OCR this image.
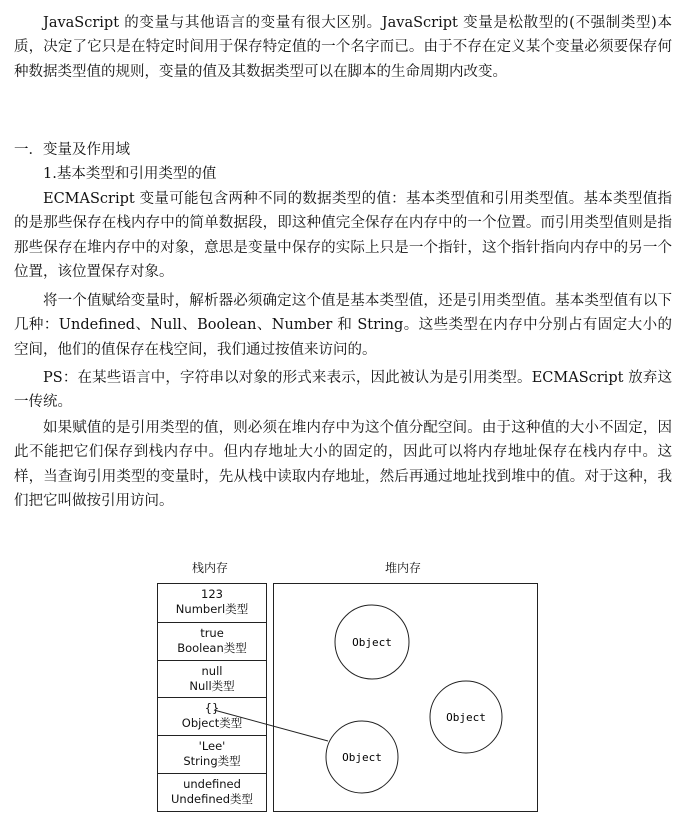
JavaScript 的变量与其他语言的变量有很大区别。JavaScript 变量是松散型的(不强制类型)本质，决定了它只是在特定时间用于保存特定值的一个名字而已。由于不存在定义某个变量必须要保存何种数据类型值的规则，变量的值及其数据类型可以在脚本的生命周期内改变。

一．变量及作用域

1.基本类型和引用类型的值

ECMAScript 变量可能包含两种不同的数据类型的值：基本类型值和引用类型值。基本类型值指的是那些保存在栈内存中的简单数据段，即这种值完全保存在内存中的一个位置。而引用类型值则是指那些保存在堆内存中的对象，意思是变量中保存的实际上只是一个指针，这个指针指向内存中的另一个位置，该位置保存对象。

将一个值赋给变量时，解析器必须确定这个值是基本类型值，还是引用类型值。基本类型值有以下几种：Undefined、Null、Boolean、Number 和 String。这些类型在内存中分别占有固定大小的空间，他们的值保存在栈空间，我们通过按值来访问的。

PS：在某些语言中，字符串以对象的形式来表示，因此被认为是引用类型。ECMAScript 放弃这一传统。

如果赋值的是引用类型的值，则必须在堆内存中为这个值分配空间。由于这种值的大小不固定，因此不能把它们保存到栈内存中。但内存地址大小的固定的，因此可以将内存地址保存在栈内存中。这样，当查询引用类型的变量时，先从栈中读取内存地址，然后再通过地址找到堆中的值。对于这种，我们把它叫做按引用访问。

栈内存	堆内存
123
Numberl类型
true
Boolean类型
null
Null类型
{}
Object类型
'Lee'
String类型
undefined
Undefined类型
Object
Object
Object
